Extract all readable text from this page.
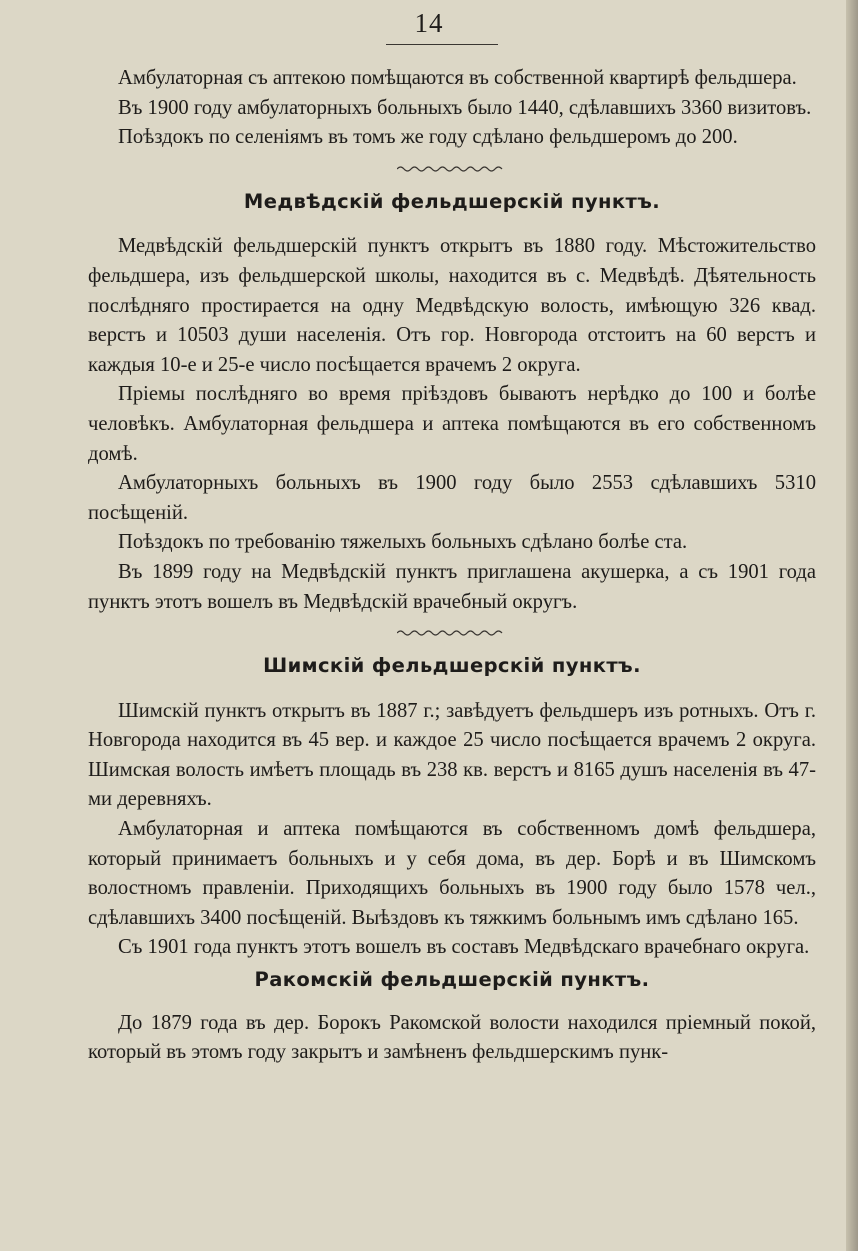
14

Амбулаторная съ аптекою помѣщаются въ собственной квартирѣ фельдшера.

Въ 1900 году амбулаторныхъ больныхъ было 1440, сдѣлавшихъ 3360 визитовъ.

Поѣздокъ по селеніямъ въ томъ же году сдѣлано фельдшеромъ до 200.

Медвѣдскій фельдшерскій пунктъ.

Медвѣдскій фельдшерскій пунктъ открытъ въ 1880 году. Мѣстожительство фельдшера, изъ фельдшерской школы, находится въ с. Медвѣдѣ. Дѣятельность послѣдняго простирается на одну Медвѣдскую волость, имѣющую 326 квад. верстъ и 10503 души населенія. Отъ гор. Новгорода отстоитъ на 60 верстъ и каждыя 10-е и 25-е число посѣщается врачемъ 2 округа.

Пріемы послѣдняго во время пріѣздовъ бываютъ нерѣдко до 100 и болѣе человѣкъ. Амбулаторная фельдшера и аптека помѣщаются въ его собственномъ домѣ.

Амбулаторныхъ больныхъ въ 1900 году было 2553 сдѣлавшихъ 5310 посѣщеній.

Поѣздокъ по требованію тяжелыхъ больныхъ сдѣлано болѣе ста.

Въ 1899 году на Медвѣдскій пунктъ приглашена акушерка, а съ 1901 года пунктъ этотъ вошелъ въ Медвѣдскій врачебный округъ.

Шимскій фельдшерскій пунктъ.

Шимскій пунктъ открытъ въ 1887 г.; завѣдуетъ фельдшеръ изъ ротныхъ. Отъ г. Новгорода находится въ 45 вер. и каждое 25 число посѣщается врачемъ 2 округа. Шимская волость имѣетъ площадь въ 238 кв. верстъ и 8165 душъ населенія въ 47-ми деревняхъ.

Амбулаторная и аптека помѣщаются въ собственномъ домѣ фельдшера, который принимаетъ больныхъ и у себя дома, въ дер. Борѣ и въ Шимскомъ волостномъ правленіи. Приходящихъ больныхъ въ 1900 году было 1578 чел., сдѣлавшихъ 3400 посѣщеній. Выѣздовъ къ тяжкимъ больнымъ имъ сдѣлано 165.

Съ 1901 года пунктъ этотъ вошелъ въ составъ Медвѣдскаго врачебнаго округа.

Ракомскій фельдшерскій пунктъ.

До 1879 года въ дер. Борокъ Ракомской волости находился пріемный покой, который въ этомъ году закрытъ и замѣненъ фельдшерскимъ пунк-
